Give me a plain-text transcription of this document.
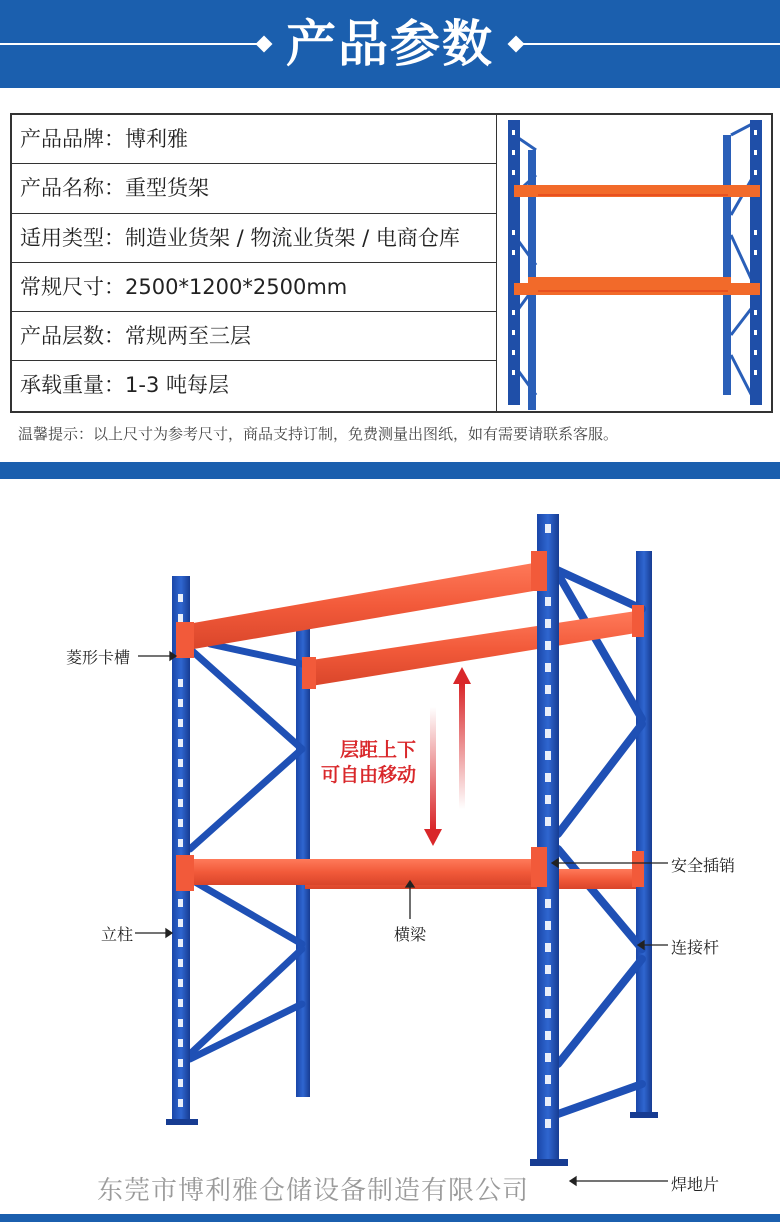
产品参数
产品品牌：博利雅
产品名称：重型货架
适用类型：制造业货架 / 物流业货架 / 电商仓库
常规尺寸：2500*1200*2500mm
产品层数：常规两至三层
承载重量：1-3 吨每层
温馨提示：以上尺寸为参考尺寸，商品支持订制，免费测量出图纸，如有需要请联系客服。
菱形卡槽
立柱	横梁
安全插销
连接杆
焊地片
层距上下
可自由移动
东莞市博利雅仓储设备制造有限公司
